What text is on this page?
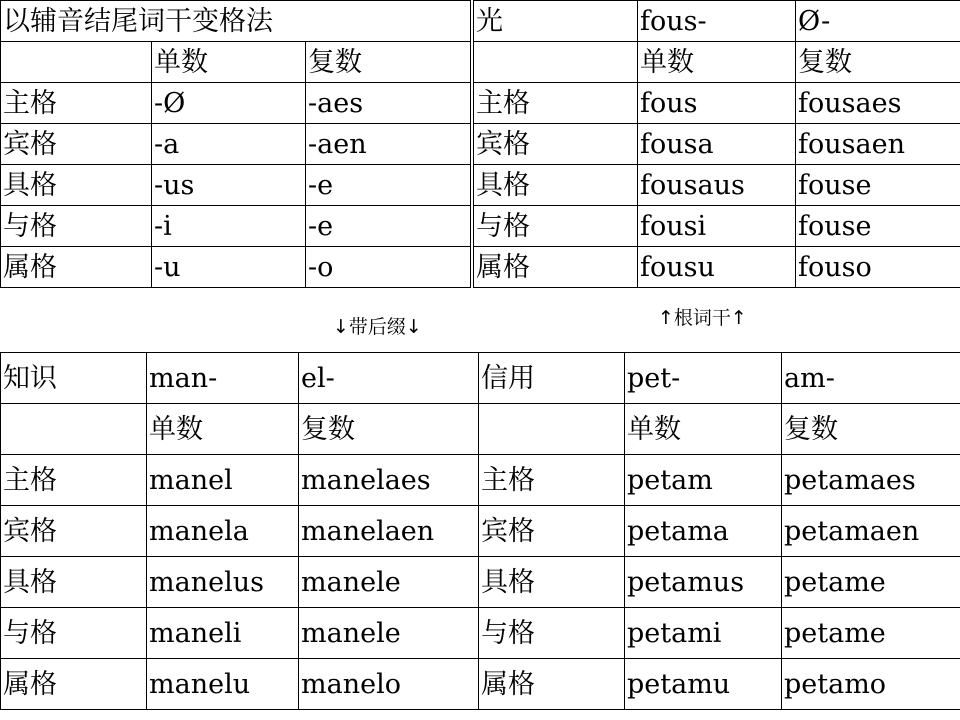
以辅音结尾词干变格法		
	单数	复数
主格	-Ø	-aes
宾格	-a	-aen
具格	-us	-e
与格	-i	-e
属格	-u	-o
光	fous-	Ø-
	单数	复数
主格	fous	fousaes
宾格	fousa	fousaen
具格	fousaus	fouse
与格	fousi	fouse
属格	fousu	fouso
↓带后缀↓	↑根词干↑
知识	man-	el-	信用	pet-	am-
	单数	复数		单数	复数
主格	manel	manelaes	主格	petam	petamaes
宾格	manela	manelaen	宾格	petama	petamaen
具格	manelus	manele	具格	petamus	petame
与格	maneli	manele	与格	petami	petame
属格	manelu	manelo	属格	petamu	petamo
